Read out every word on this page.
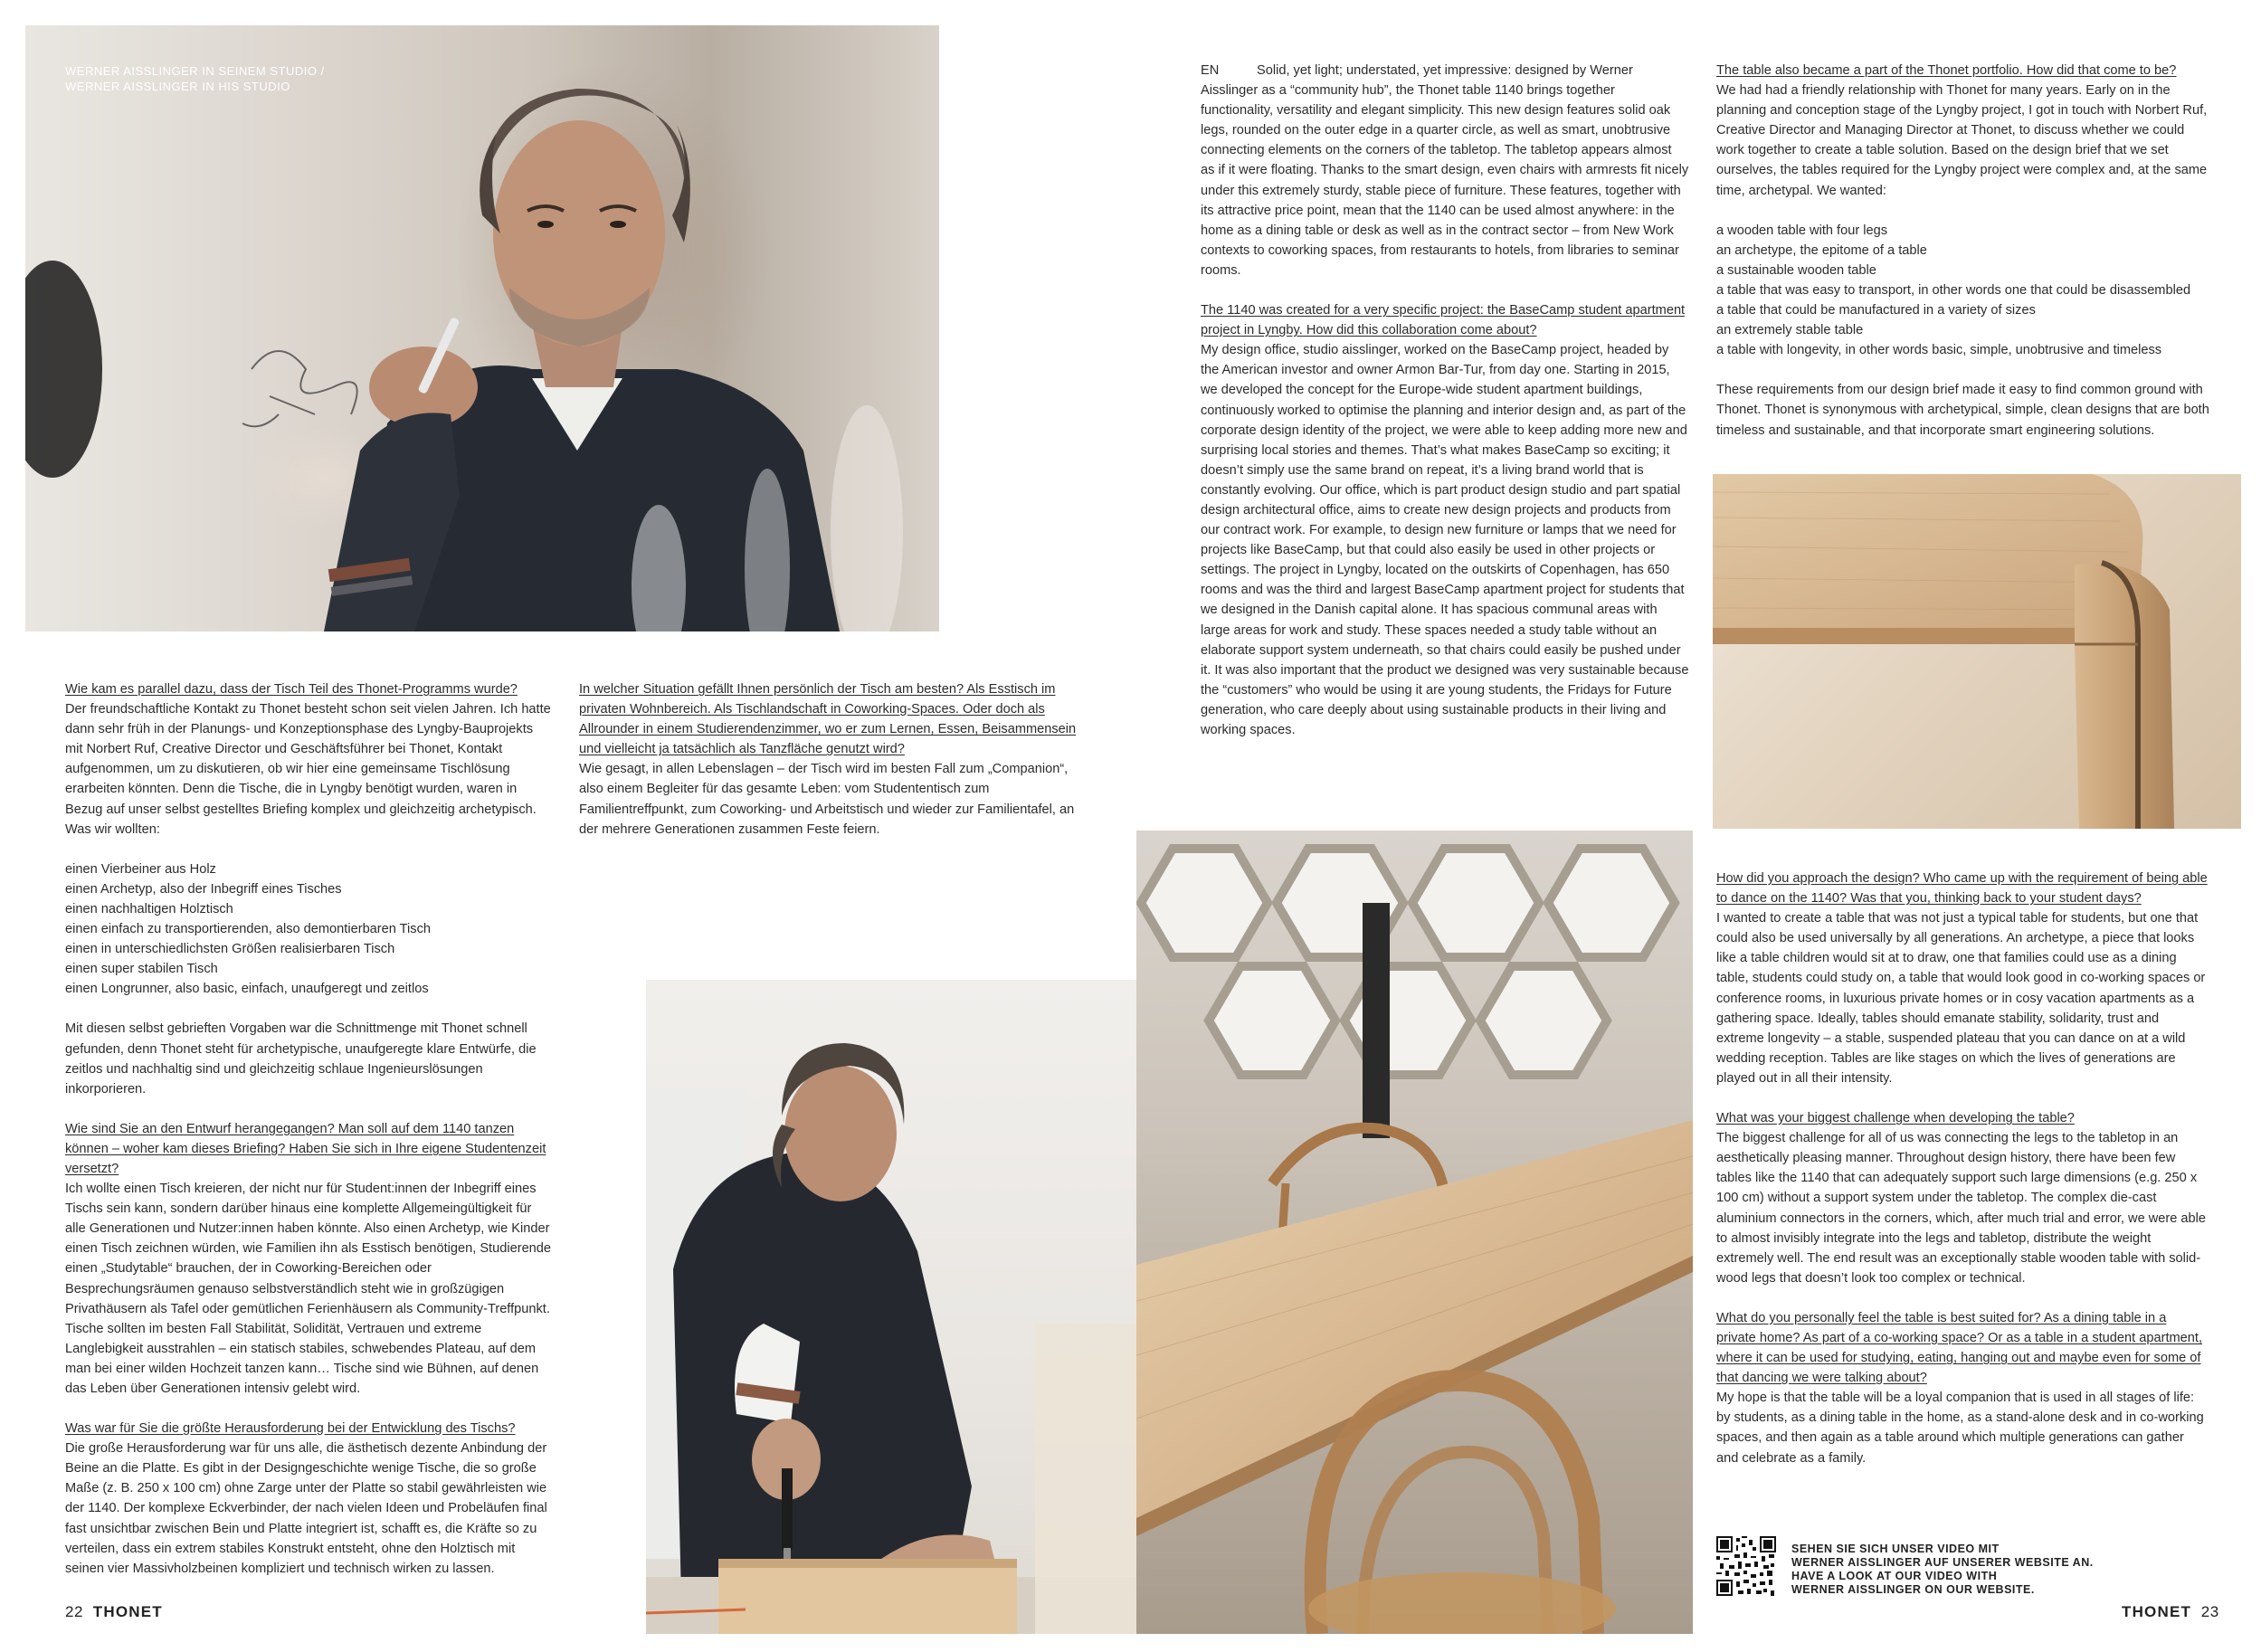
WERNER AISSLINGER IN SEINEM STUDIO /
WERNER AISSLINGER IN HIS STUDIO

Wie kam es parallel dazu, dass der Tisch Teil des Thonet-Programms wurde?

Der freundschaftliche Kontakt zu Thonet besteht schon seit vielen Jahren. Ich hatte dann sehr früh in der Planungs- und Konzeptionsphase des Lyngby-Bauprojekts mit Norbert Ruf, Creative Director und Geschäftsführer bei Thonet, Kontakt aufgenommen, um zu diskutieren, ob wir hier eine gemeinsame Tischlösung erarbeiten könnten. Denn die Tische, die in Lyngby benötigt wurden, waren in Bezug auf unser selbst gestelltes Briefing komplex und gleichzeitig archetypisch. Was wir wollten:

einen Vierbeiner aus Holz

einen Archetyp, also der Inbegriff eines Tisches

einen nachhaltigen Holztisch

einen einfach zu transportierenden, also demontierbaren Tisch

einen in unterschiedlichsten Größen realisierbaren Tisch

einen super stabilen Tisch

einen Longrunner, also basic, einfach, unaufgeregt und zeitlos

Mit diesen selbst gebrieften Vorgaben war die Schnittmenge mit Thonet schnell gefunden, denn Thonet steht für archetypische, unaufgeregte klare Entwürfe, die zeitlos und nachhaltig sind und gleichzeitig schlaue Ingenieurslösungen inkorporieren.

Wie sind Sie an den Entwurf herangegangen? Man soll auf dem 1140 tanzen können – woher kam dieses Briefing? Haben Sie sich in Ihre eigene Studentenzeit versetzt?

Ich wollte einen Tisch kreieren, der nicht nur für Student:innen der Inbegriff eines Tischs sein kann, sondern darüber hinaus eine komplette Allgemeingültigkeit für alle Generationen und Nutzer:innen haben könnte. Also einen Archetyp, wie Kinder einen Tisch zeichnen würden, wie Familien ihn als Esstisch benötigen, Studierende einen „Studytable“ brauchen, der in Coworking-Bereichen oder Besprechungsräumen genauso selbstverständlich steht wie in großzügigen Privathäusern als Tafel oder gemütlichen Ferienhäusern als Community-Treffpunkt. Tische sollten im besten Fall Stabilität, Solidität, Vertrauen und extreme Langlebigkeit ausstrahlen – ein statisch stabiles, schwebendes Plateau, auf dem man bei einer wilden Hochzeit tanzen kann… Tische sind wie Bühnen, auf denen das Leben über Generationen intensiv gelebt wird.

Was war für Sie die größte Herausforderung bei der Entwicklung des Tischs?

Die große Herausforderung war für uns alle, die ästhetisch dezente Anbindung der Beine an die Platte. Es gibt in der Designgeschichte wenige Tische, die so große Maße (z. B. 250 x 100 cm) ohne Zarge unter der Platte so stabil gewährleisten wie der 1140. Der komplexe Eckverbinder, der nach vielen Ideen und Probeläufen final fast unsichtbar zwischen Bein und Platte integriert ist, schafft es, die Kräfte so zu verteilen, dass ein extrem stabiles Konstrukt entsteht, ohne den Holztisch mit seinen vier Massivholzbeinen kompliziert und technisch wirken zu lassen.

In welcher Situation gefällt Ihnen persönlich der Tisch am besten? Als Esstisch im privaten Wohnbereich. Als Tischlandschaft in Coworking-Spaces. Oder doch als Allrounder in einem Studierendenzimmer, wo er zum Lernen, Essen, Beisammensein und vielleicht ja tatsächlich als Tanzfläche genutzt wird?

Wie gesagt, in allen Lebenslagen – der Tisch wird im besten Fall zum „Companion“, also einem Begleiter für das gesamte Leben: vom Studententisch zum Familientreffpunkt, zum Coworking- und Arbeitstisch und wieder zur Familientafel, an der mehrere Generationen zusammen Feste feiern.

EN	Solid, yet light; understated, yet impressive: designed by Werner Aisslinger as a “community hub”, the Thonet table 1140 brings together functionality, versatility and elegant simplicity. This new design features solid oak legs, rounded on the outer edge in a quarter circle, as well as smart, unobtrusive connecting elements on the corners of the tabletop. The tabletop appears almost as if it were floating. Thanks to the smart design, even chairs with armrests fit nicely under this extremely sturdy, stable piece of furniture. These features, together with its attractive price point, mean that the 1140 can be used almost anywhere: in the home as a dining table or desk as well as in the contract sector – from New Work contexts to coworking spaces, from restaurants to hotels, from libraries to seminar rooms.

The 1140 was created for a very specific project: the BaseCamp student apartment project in Lyngby. How did this collaboration come about?

My design office, studio aisslinger, worked on the BaseCamp project, headed by the American investor and owner Armon Bar-Tur, from day one. Starting in 2015, we developed the concept for the Europe-wide student apartment buildings, continuously worked to optimise the planning and interior design and, as part of the corporate design identity of the project, we were able to keep adding more new and surprising local stories and themes. That’s what makes BaseCamp so exciting; it doesn’t simply use the same brand on repeat, it’s a living brand world that is constantly evolving. Our office, which is part product design studio and part spatial design architectural office, aims to create new design projects and products from our contract work. For example, to design new furniture or lamps that we need for projects like BaseCamp, but that could also easily be used in other projects or settings. The project in Lyngby, located on the outskirts of Copenhagen, has 650 rooms and was the third and largest BaseCamp apartment project for students that we designed in the Danish capital alone. It has spacious communal areas with large areas for work and study. These spaces needed a study table without an elaborate support system underneath, so that chairs could easily be pushed under it. It was also important that the product we designed was very sustainable because the “customers” who would be using it are young students, the Fridays for Future generation, who care deeply about using sustainable products in their living and working spaces.

The table also became a part of the Thonet portfolio. How did that come to be?

We had had a friendly relationship with Thonet for many years. Early on in the planning and conception stage of the Lyngby project, I got in touch with Norbert Ruf, Creative Director and Managing Director at Thonet, to discuss whether we could work together to create a table solution. Based on the design brief that we set ourselves, the tables required for the Lyngby project were complex and, at the same time, archetypal. We wanted:

a wooden table with four legs

an archetype, the epitome of a table

a sustainable wooden table

a table that was easy to transport, in other words one that could be disassembled

a table that could be manufactured in a variety of sizes

an extremely stable table

a table with longevity, in other words basic, simple, unobtrusive and timeless

These requirements from our design brief made it easy to find common ground with Thonet. Thonet is synonymous with archetypical, simple, clean designs that are both timeless and sustainable, and that incorporate smart engineering solutions.

How did you approach the design? Who came up with the requirement of being able to dance on the 1140? Was that you, thinking back to your student days?

I wanted to create a table that was not just a typical table for students, but one that could also be used universally by all generations. An archetype, a piece that looks like a table children would sit at to draw, one that families could use as a dining table, students could study on, a table that would look good in co-working spaces or conference rooms, in luxurious private homes or in cosy vacation apartments as a gathering space. Ideally, tables should emanate stability, solidarity, trust and extreme longevity – a stable, suspended plateau that you can dance on at a wild wedding reception. Tables are like stages on which the lives of generations are played out in all their intensity.

What was your biggest challenge when developing the table?

The biggest challenge for all of us was connecting the legs to the tabletop in an aesthetically pleasing manner. Throughout design history, there have been few tables like the 1140 that can adequately support such large dimensions (e.g. 250 x 100 cm) without a support system under the tabletop. The complex die-cast aluminium connectors in the corners, which, after much trial and error, we were able to almost invisibly integrate into the legs and tabletop, distribute the weight extremely well. The end result was an exceptionally stable wooden table with solid-wood legs that doesn’t look too complex or technical.

What do you personally feel the table is best suited for? As a dining table in a private home? As part of a co-working space? Or as a table in a student apartment, where it can be used for studying, eating, hanging out and maybe even for some of that dancing we were talking about?

My hope is that the table will be a loyal companion that is used in all stages of life: by students, as a dining table in the home, as a stand-alone desk and in co-working spaces, and then again as a table around which multiple generations can gather and celebrate as a family.

SEHEN SIE SICH UNSER VIDEO MIT
WERNER AISSLINGER AUF UNSERER WEBSITE AN.
HAVE A LOOK AT OUR VIDEO WITH
WERNER AISSLINGER ON OUR WEBSITE.
22 THONET	THONET 23
